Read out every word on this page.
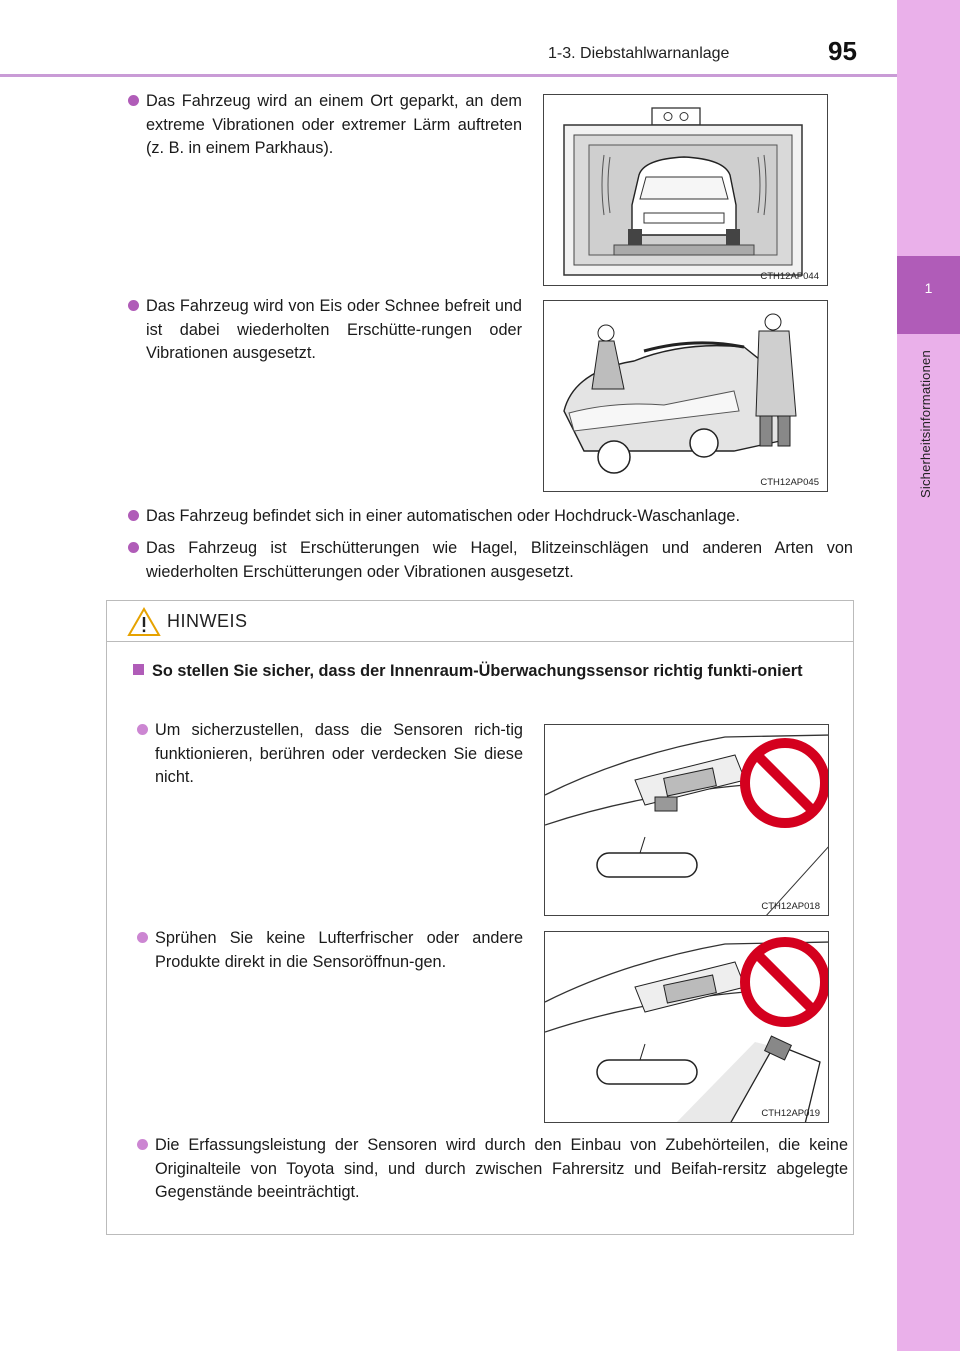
1-3. Diebstahlwarnanlage	95
1
Sicherheitsinformationen
Das Fahrzeug wird an einem Ort geparkt, an dem extreme Vibrationen oder extremer Lärm auftreten (z. B. in einem Parkhaus).
CTH12AP044
Das Fahrzeug wird von Eis oder Schnee befreit und ist dabei wiederholten Erschütte-rungen oder Vibrationen ausgesetzt.
CTH12AP045
Das Fahrzeug befindet sich in einer automatischen oder Hochdruck-Waschanlage.
Das Fahrzeug ist Erschütterungen wie Hagel, Blitzeinschlägen und anderen Arten von wiederholten Erschütterungen oder Vibrationen ausgesetzt.
HINWEIS
So stellen Sie sicher, dass der Innenraum-Überwachungssensor richtig funkti-oniert
Um sicherzustellen, dass die Sensoren rich-tig funktionieren, berühren oder verdecken Sie diese nicht.
CTH12AP018
Sprühen Sie keine Lufterfrischer oder andere Produkte direkt in die Sensoröffnun-gen.
CTH12AP019
Die Erfassungsleistung der Sensoren wird durch den Einbau von Zubehörteilen, die keine Originalteile von Toyota sind, und durch zwischen Fahrersitz und Beifah-rersitz abgelegte Gegenstände beeinträchtigt.
